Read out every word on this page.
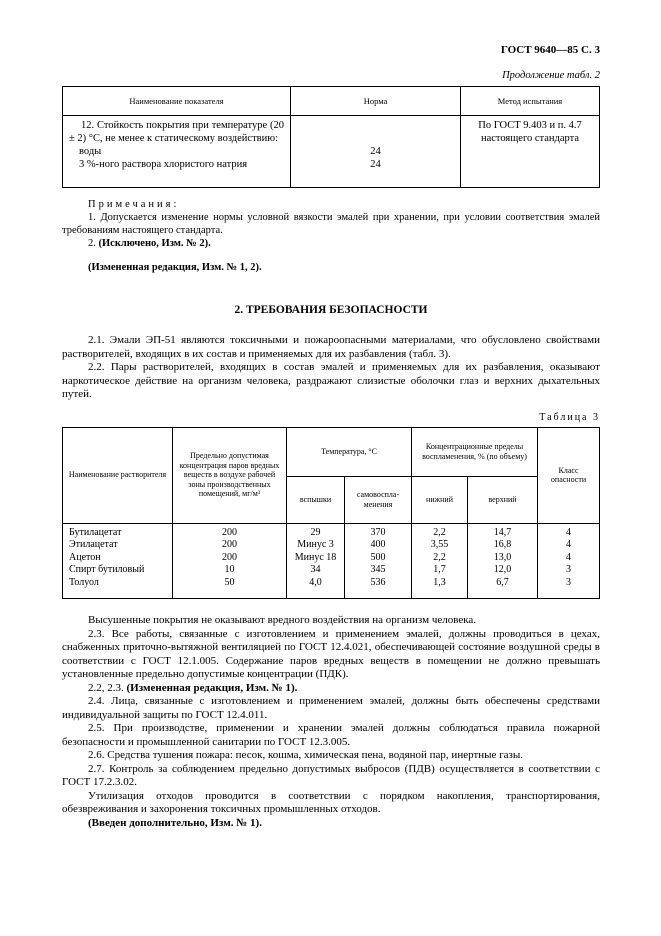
ГОСТ 9640—85 С. 3
Продолжение табл. 2
Наименование показателя	Норма	Метод испытания
12. Стойкость покрытия при температуре (20 ± 2) °С, не менее к статическому воздействию:		По ГОСТ 9.403 и п. 4.7 настоящего стандарта
воды	24	
3 %-ного раствора хлористого натрия	24	
Примечания:

1. Допускается изменение нормы условной вязкости эмалей при хранении, при условии соответствия эмалей требованиям настоящего стандарта.

2. (Исключено, Изм. № 2).

(Измененная редакция, Изм. № 1, 2).

2. ТРЕБОВАНИЯ БЕЗОПАСНОСТИ

2.1. Эмали ЭП-51 являются токсичными и пожароопасными материалами, что обусловлено свойствами растворителей, входящих в их состав и применяемых для их разбавления (табл. 3).

2.2. Пары растворителей, входящих в состав эмалей и применяемых для их разбавления, оказывают наркотическое действие на организм человека, раздражают слизистые оболочки глаз и верхних дыхательных путей.

Таблица 3
Наименование растворителя	Предельно допустимая концентрация паров вредных веществ в воздухе рабочей зоны производственных помещений, мг/м³	Температура, °С		Концентрационные пределы воспламенения, % (по объему)		Класс опасности
		вспышки	самовоспла-менения	нижний	верхний	
Бутилацетат	200	29	370	2,2	14,7	4
Этилацетат	200	Минус 3	400	3,55	16,8	4
Ацетон	200	Минус 18	500	2,2	13,0	4
Спирт бутиловый	10	34	345	1,7	12,0	3
Толуол	50	4,0	536	1,3	6,7	3

Высушенные покрытия не оказывают вредного воздействия на организм человека.

2.3. Все работы, связанные с изготовлением и применением эмалей, должны проводиться в цехах, снабженных приточно-вытяжной вентиляцией по ГОСТ 12.4.021, обеспечивающей состояние воздушной среды в соответствии с ГОСТ 12.1.005. Содержание паров вредных веществ в помещении не должно превышать установленные предельно допустимые концентрации (ПДК).

2.2, 2.3. (Измененная редакция, Изм. № 1).

2.4. Лица, связанные с изготовлением и применением эмалей, должны быть обеспечены средствами индивидуальной защиты по ГОСТ 12.4.011.

2.5. При производстве, применении и хранении эмалей должны соблюдаться правила пожарной безопасности и промышленной санитарии по ГОСТ 12.3.005.

2.6. Средства тушения пожара: песок, кошма, химическая пена, водяной пар, инертные газы.

2.7. Контроль за соблюдением предельно допустимых выбросов (ПДВ) осуществляется в соответствии с ГОСТ 17.2.3.02.

Утилизация отходов проводится в соответствии с порядком накопления, транспортирования, обезвреживания и захоронения токсичных промышленных отходов.

(Введен дополнительно, Изм. № 1).
